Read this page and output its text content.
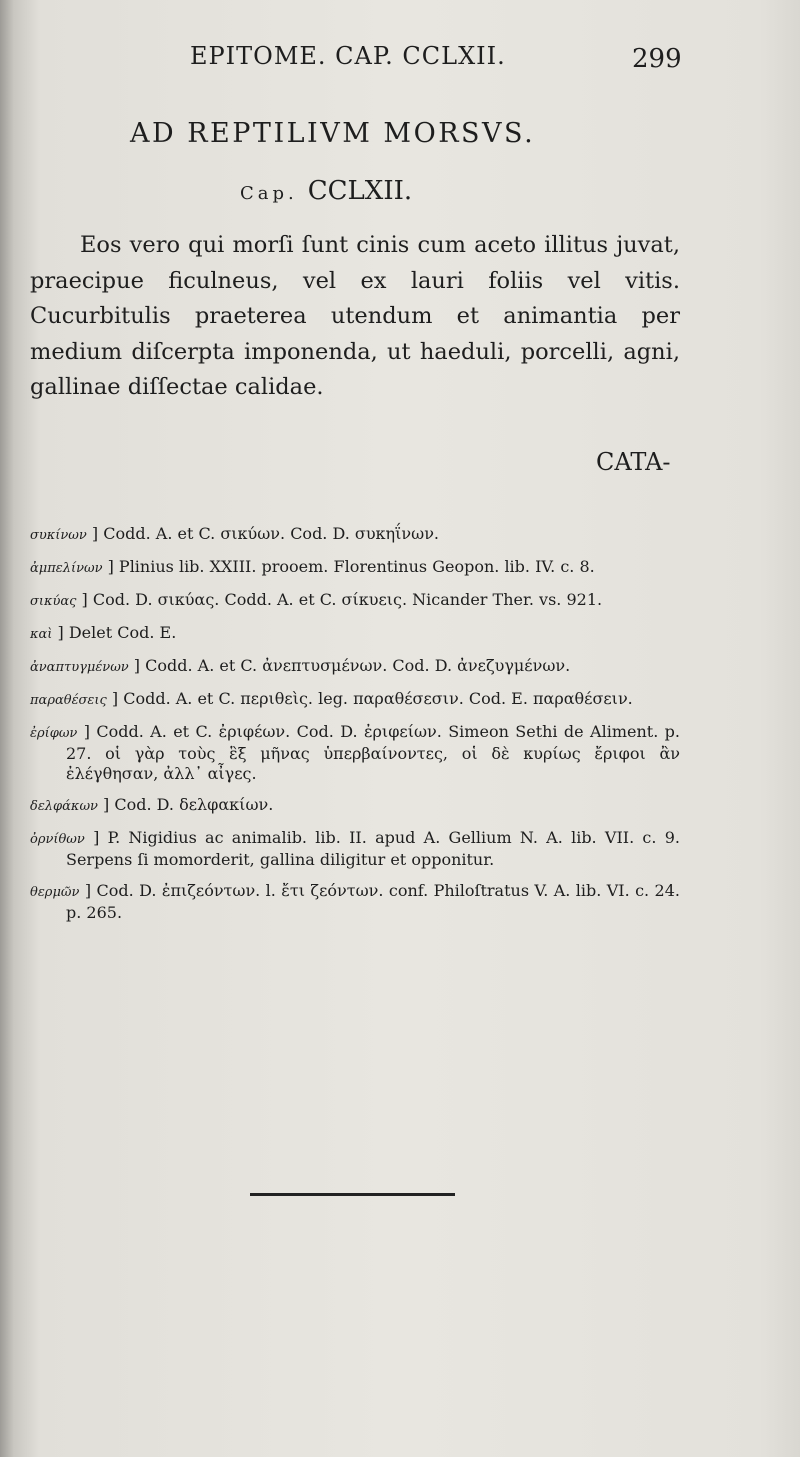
EPITOME. CAP. CCLXII.	299
AD REPTILIVM MORSVS.
Cap. CCLXII.

Eos vero qui morſi ſunt cinis cum aceto illitus juvat, praecipue ficulneus, vel ex lauri foliis vel vitis. Cucurbitulis praeterea utendum et animantia per medium diſcerpta imponenda, ut haeduli, porcelli, agni, gallinae diſſectae calidae.

CATA-
συκίνων ] Codd. A. et C. σικύων. Cod. D. συκηΐνων.
ἀμπελίνων ] Plinius lib. XXIII. prooem. Florentinus Geopon. lib. IV. c. 8.
σικύας ] Cod. D. σικύας. Codd. A. et C. σίκυεις. Nicander Ther. vs. 921.
καὶ ] Delet Cod. E.
ἀναπτυγμένων ] Codd. A. et C. ἀνεπτυσμένων. Cod. D. ἀνεζυγμένων.
παραθέσεις ] Codd. A. et C. περιθεὶς. leg. παραθέσεσιν. Cod. E. παραθέσειν.
ἐρίφων ] Codd. A. et C. ἐριφέων. Cod. D. ἐριφείων. Simeon Sethi de Aliment. p. 27. οἱ γὰρ τοὺς ἓξ μῆνας ὑπερβαίνοντες, οἱ δὲ κυρίως ἔριφοι ἂν ἐλέγθησαν, ἀλλ᾽ αἶγες.
δελφάκων ] Cod. D. δελφακίων.
ὀρνίθων ] P. Nigidius ac animalib. lib. II. apud A. Gellium N. A. lib. VII. c. 9. Serpens ſi momorderit, gallina diligitur et opponitur.
θερμῶν ] Cod. D. ἐπιζεόντων. l. ἔτι ζεόντων. conf. Philoſtratus V. A. lib. VI. c. 24. p. 265.
